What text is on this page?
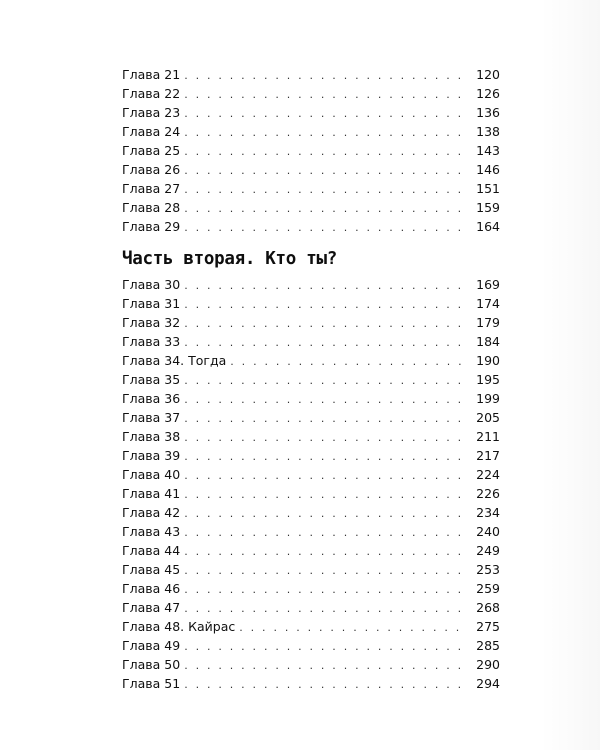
Глава 21 . . .	120
Глава 22 . . .	126
Глава 23 . . .	136
Глава 24 . . .	138
Глава 25 . . .	143
Глава 26 . . .	146
Глава 27 . . .	151
Глава 28 . . .	159
Глава 29 . . .	164
Часть вторая. Кто ты?
Глава 30 . . .	169
Глава 31 . . .	174
Глава 32 . . .	179
Глава 33 . . .	184
Глава 34. Тогда . . .	190
Глава 35 . . .	195
Глава 36 . . .	199
Глава 37 . . .	205
Глава 38 . . .	211
Глава 39 . . .	217
Глава 40 . . .	224
Глава 41 . . .	226
Глава 42 . . .	234
Глава 43 . . .	240
Глава 44 . . .	249
Глава 45 . . .	253
Глава 46 . . .	259
Глава 47 . . .	268
Глава 48. Кайрас . . .	275
Глава 49 . . .	285
Глава 50 . . .	290
Глава 51 . . .	294
